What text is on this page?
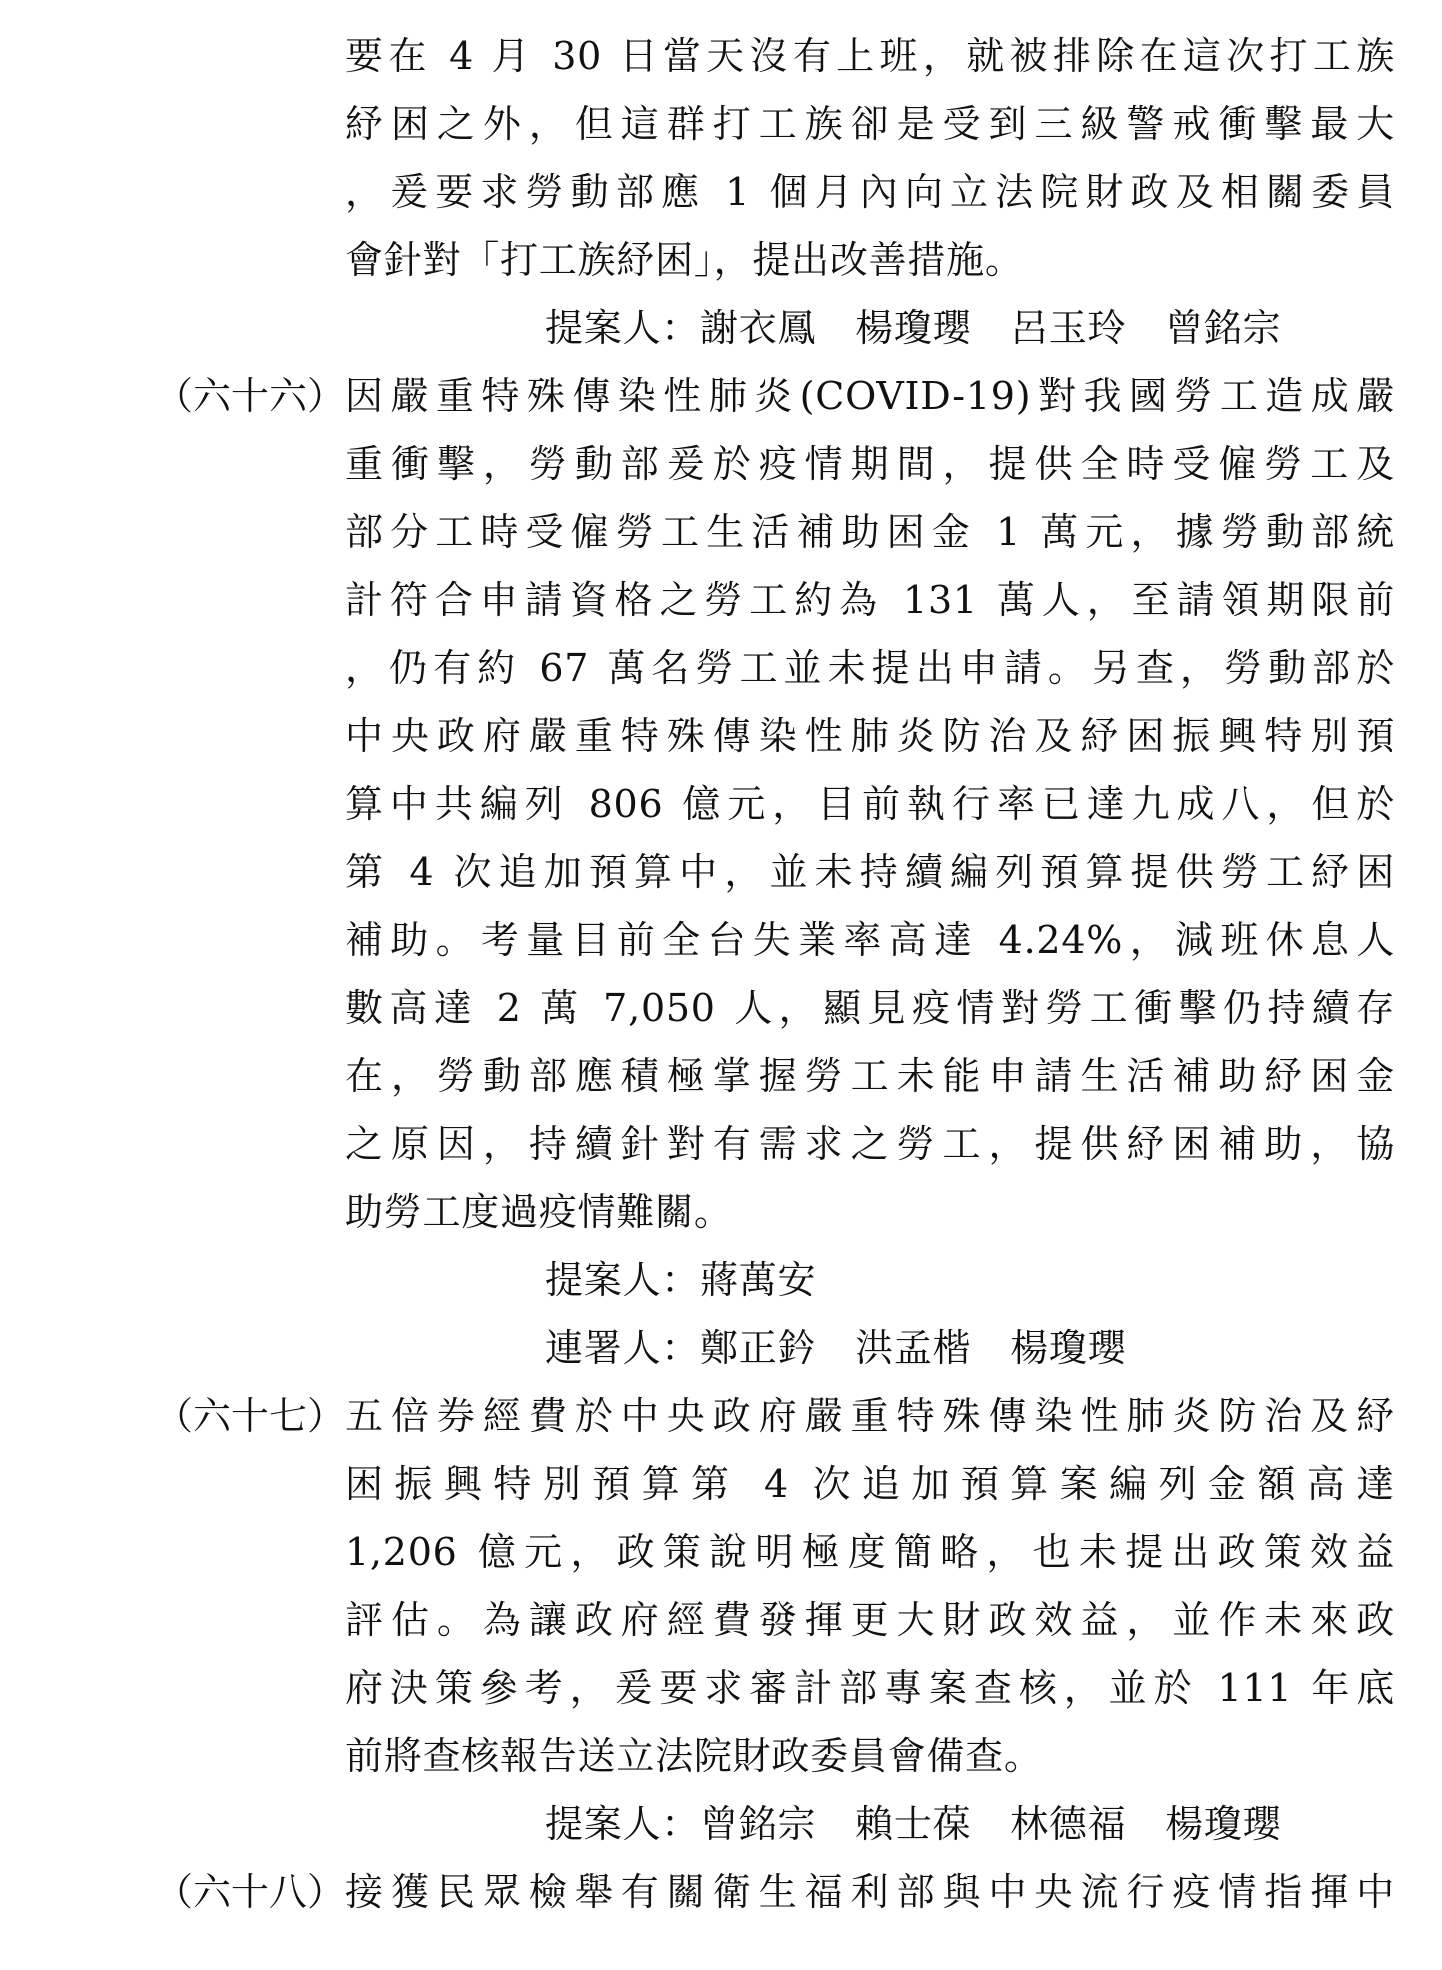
要在 4 月 30 日當天沒有上班，就被排除在這次打工族
紓困之外，但這群打工族卻是受到三級警戒衝擊最大
，爰要求勞動部應 1 個月內向立法院財政及相關委員
會針對「打工族紓困」，提出改善措施。
提案人：謝衣鳳　楊瓊瓔　呂玉玲　曾銘宗
（六十六） 因嚴重特殊傳染性肺炎(COVID-19)對我國勞工造成嚴
重衝擊，勞動部爰於疫情期間，提供全時受僱勞工及
部分工時受僱勞工生活補助困金 1 萬元，據勞動部統
計符合申請資格之勞工約為 131 萬人，至請領期限前
，仍有約 67 萬名勞工並未提出申請。另查，勞動部於
中央政府嚴重特殊傳染性肺炎防治及紓困振興特別預
算中共編列 806 億元，目前執行率已達九成八，但於
第 4 次追加預算中，並未持續編列預算提供勞工紓困
補助。考量目前全台失業率高達 4.24%，減班休息人
數高達 2 萬 7,050 人，顯見疫情對勞工衝擊仍持續存
在，勞動部應積極掌握勞工未能申請生活補助紓困金
之原因，持續針對有需求之勞工，提供紓困補助，協
助勞工度過疫情難關。
提案人：蔣萬安
連署人：鄭正鈐　洪孟楷　楊瓊瓔
（六十七） 五倍券經費於中央政府嚴重特殊傳染性肺炎防治及紓
困振興特別預算第 4 次追加預算案編列金額高達
1,206 億元，政策說明極度簡略，也未提出政策效益
評估。為讓政府經費發揮更大財政效益，並作未來政
府決策參考，爰要求審計部專案查核，並於 111 年底
前將查核報告送立法院財政委員會備查。
提案人：曾銘宗　賴士葆　林德福　楊瓊瓔
（六十八） 接獲民眾檢舉有關衛生福利部與中央流行疫情指揮中
